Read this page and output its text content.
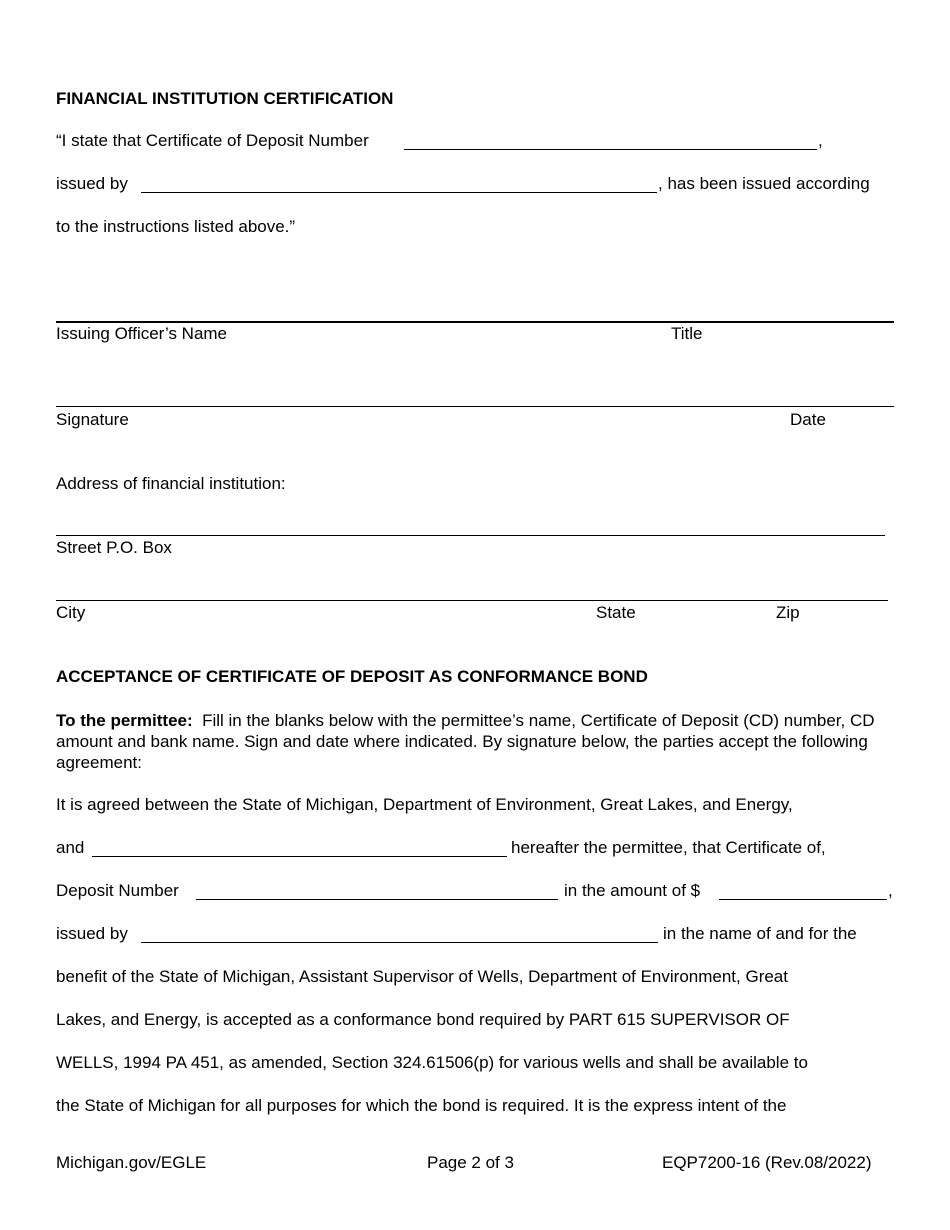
FINANCIAL INSTITUTION CERTIFICATION
“I state that Certificate of Deposit Number	,
issued by	, has been issued according
to the instructions listed above.”
Issuing Officer’s Name	Title
Signature	Date
Address of financial institution:
Street P.O. Box
City	State	Zip
ACCEPTANCE OF CERTIFICATE OF DEPOSIT AS CONFORMANCE BOND
To the permittee: Fill in the blanks below with the permittee’s name, Certificate of Deposit (CD) number, CD amount and bank name. Sign and date where indicated. By signature below, the parties accept the following agreement:
It is agreed between the State of Michigan, Department of Environment, Great Lakes, and Energy,
and	hereafter the permittee, that Certificate of,
Deposit Number	in the amount of $	,
issued by	in the name of and for the
benefit of the State of Michigan, Assistant Supervisor of Wells, Department of Environment, Great
Lakes, and Energy, is accepted as a conformance bond required by PART 615 SUPERVISOR OF
WELLS, 1994 PA 451, as amended, Section 324.61506(p) for various wells and shall be available to
the State of Michigan for all purposes for which the bond is required. It is the express intent of the
Michigan.gov/EGLE	Page 2 of 3	EQP7200-16 (Rev.08/2022)
